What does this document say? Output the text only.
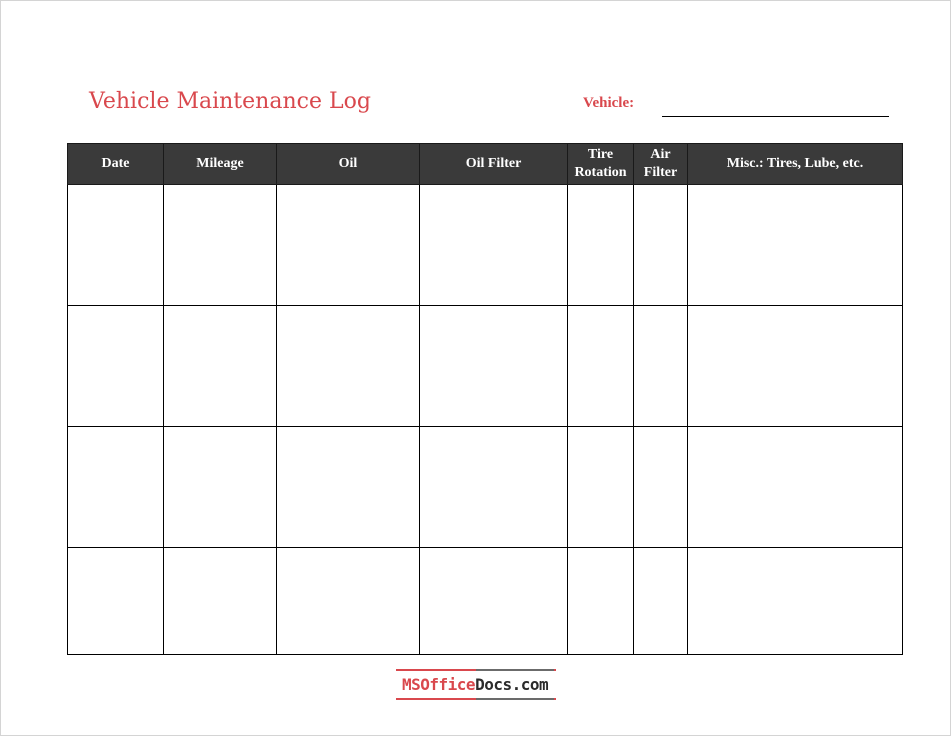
Vehicle Maintenance Log	Vehicle:
Date	Mileage	Oil	Oil Filter	Tire Rotation	Air Filter	Misc.: Tires, Lube, etc.

MSOfficeDocs.com
